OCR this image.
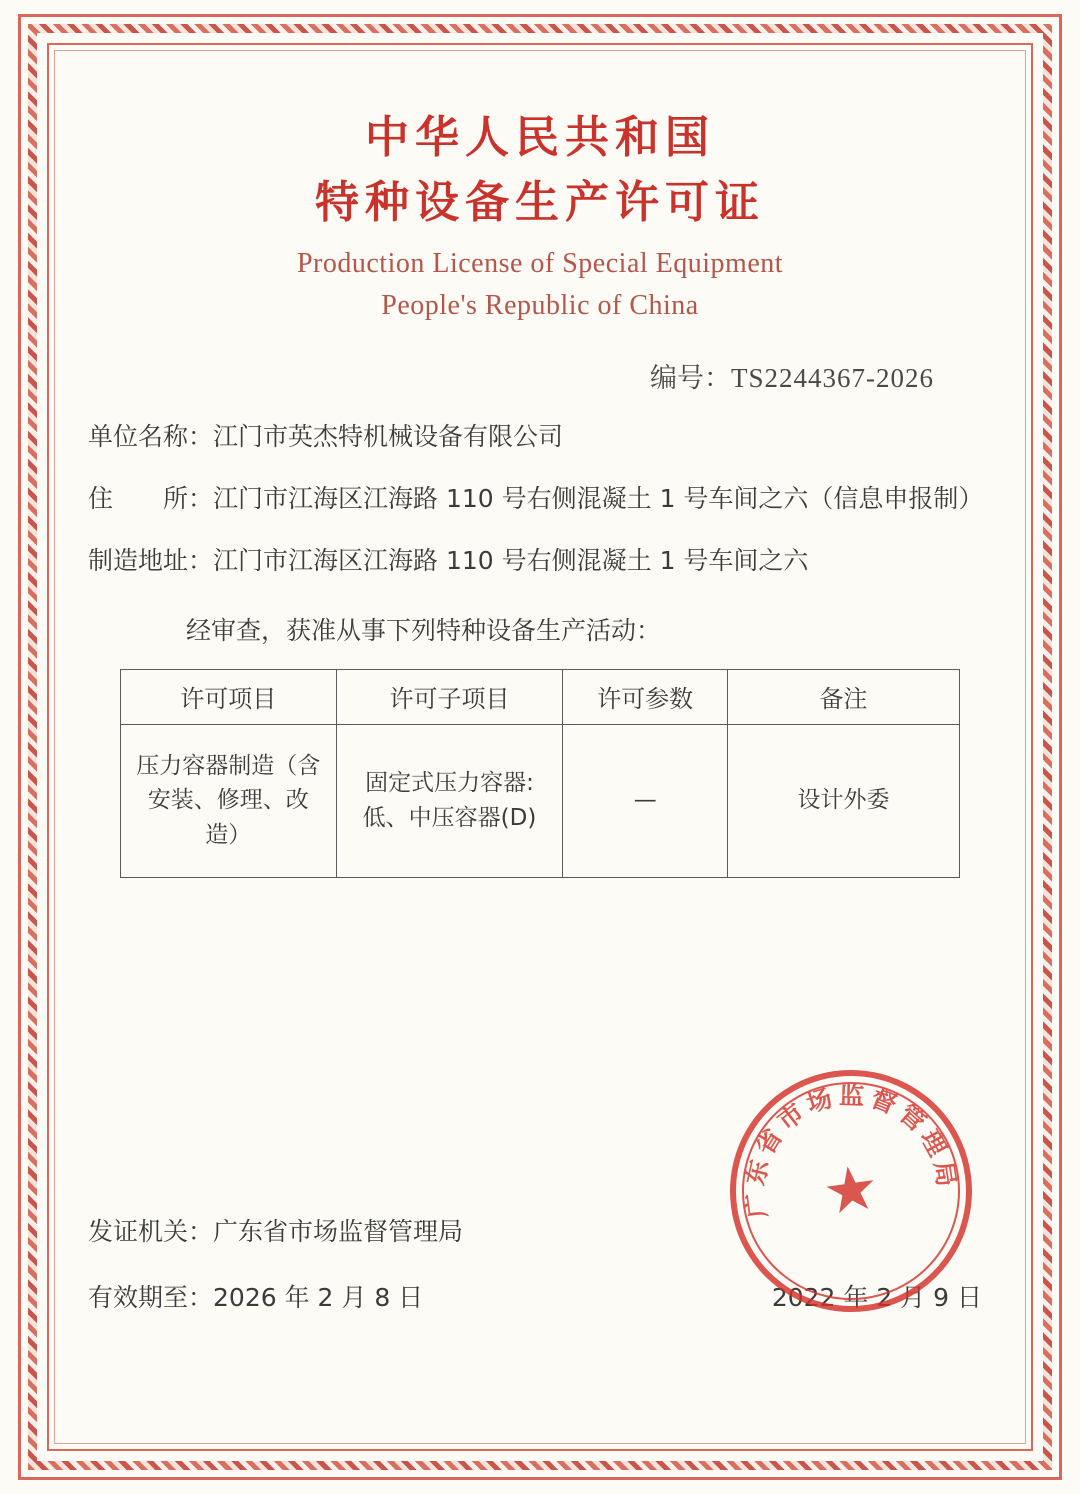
中华人民共和国
特种设备生产许可证
Production License of Special Equipment
People's Republic of China
编号：TS2244367-2026
单位名称： 江门市英杰特机械设备有限公司
住　　所： 江门市江海区江海路 110 号右侧混凝土 1 号车间之六（信息申报制）
制造地址： 江门市江海区江海路 110 号右侧混凝土 1 号车间之六
经审查，获准从事下列特种设备生产活动：
许可项目	许可子项目	许可参数	备注
压力容器制造（含安装、修理、改造）	固定式压力容器:低、中压容器(D)	—	设计外委
发证机关：广东省市场监督管理局
有效期至： 2026 年 2 月 8 日	2022 年 2 月 9 日
广东省市场监督管理局
★
